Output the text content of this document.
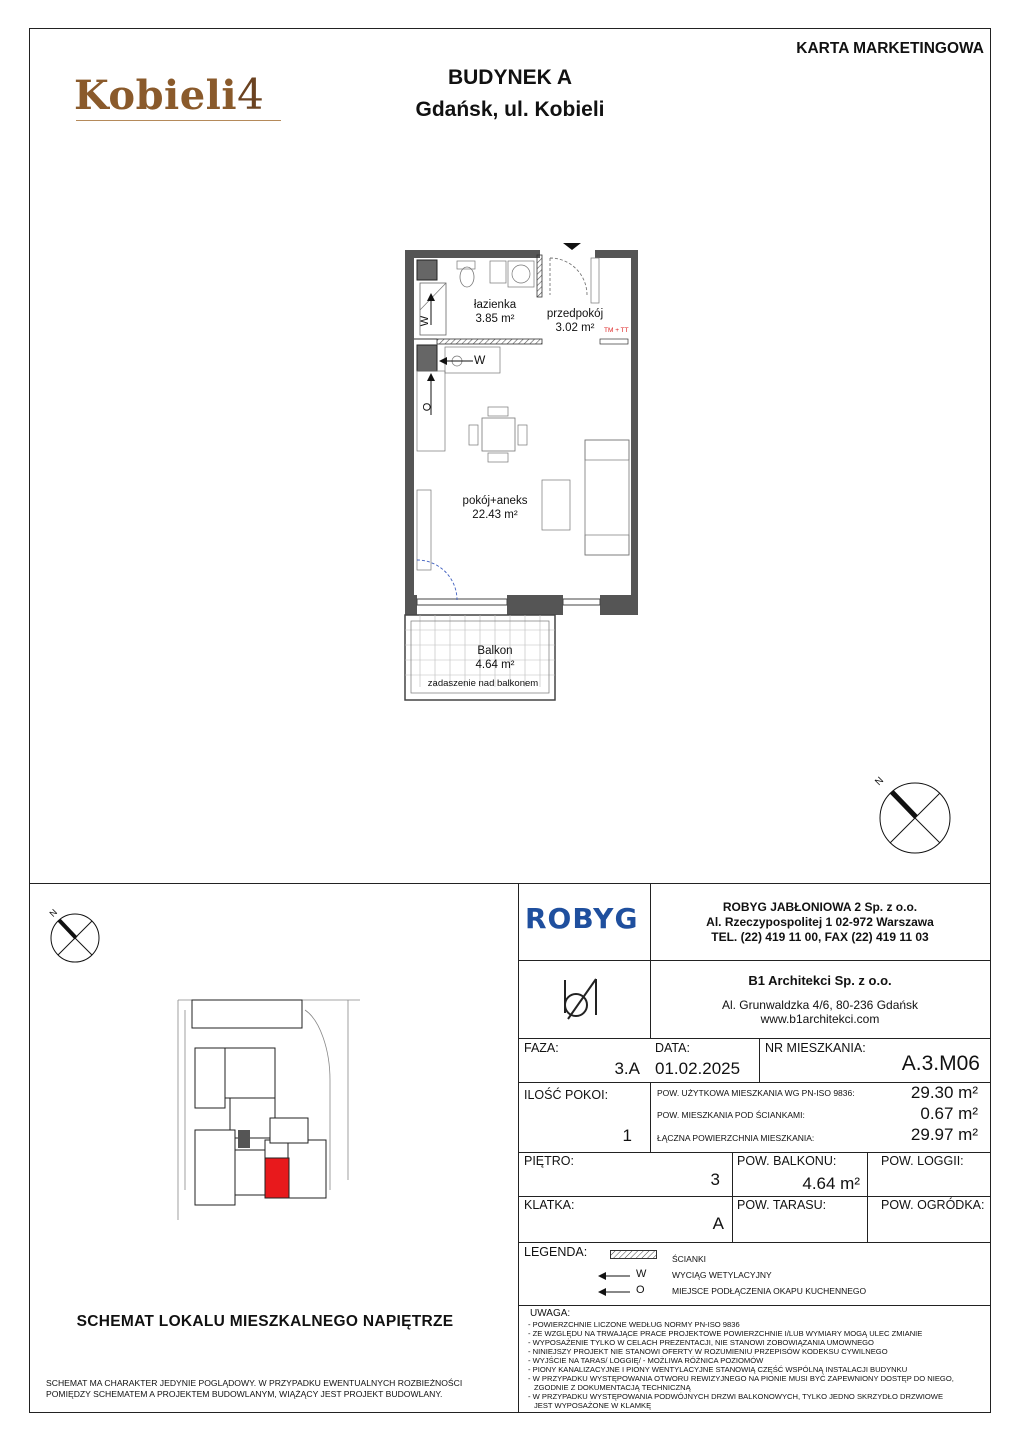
Kobieli4	BUDYNEK A
Gdańsk, ul. Kobieli
KARTA MARKETINGOWA
łazienka
3.85 m²	przedpokój
3.02 m²
pokój+aneks
22.43 m²
Balkon
4.64 m²
zadaszenie nad balkonem
TM + TT
W
W
O
N
ROBYG	ROBYG JABŁONIOWA 2 Sp. z o.o.
Al. Rzeczypospolitej 1 02-972 Warszawa
TEL. (22) 419 11 00, FAX (22) 419 11 03
B1 Architekci Sp. z o.o.
Al. Grunwaldzka 4/6, 80-236 Gdańsk
www.b1architekci.com
FAZA:
3.A
DATA:
01.02.2025
NR MIESZKANIA:
A.3.M06
ILOŚĆ POKOI:
1
POW. UŻYTKOWA MIESZKANIA WG PN-ISO 9836:	29.30 m²
POW. MIESZKANIA POD ŚCIANKAMI:	0.67 m²
ŁĄCZNA POWIERZCHNIA MIESZKANIA:	29.97 m²
PIĘTRO:
3
POW. BALKONU:
4.64 m²
POW. LOGGII:
KLATKA:
A
POW. TARASU:	POW. OGRÓDKA:
LEGENDA:	ŚCIANKI
W	WYCIĄG WETYLACYJNY
O	MIEJSCE PODŁĄCZENIA OKAPU KUCHENNEGO
UWAGA:
- POWIERZCHNIE LICZONE WEDŁUG NORMY PN-ISO 9836
- ZE WZGLĘDU NA TRWAJĄCE PRACE PROJEKTOWE POWIERZCHNIE I/LUB WYMIARY MOGĄ ULEC ZMIANIE
- WYPOSAŻENIE TYLKO W CELACH PREZENTACJI, NIE STANOWI ZOBOWIĄZANIA UMOWNEGO
- NINIEJSZY PROJEKT NIE STANOWI OFERTY W ROZUMIENIU PRZEPISÓW KODEKSU CYWILNEGO
- WYJŚCIE NA TARAS/ LOGGIĘ/ - MOŻLIWA RÓŻNICA POZIOMÓW
- PIONY KANALIZACYJNE I PIONY WENTYLACYJNE STANOWIĄ CZĘŚĆ WSPÓLNĄ INSTALACJI BUDYNKU
- W PRZYPADKU WYSTĘPOWANIA OTWORU REWIZYJNEGO NA PIONIE MUSI BYĆ ZAPEWNIONY DOSTĘP DO NIEGO,
ZGODNIE Z DOKUMENTACJĄ TECHNICZNĄ
- W PRZYPADKU WYSTĘPOWANIA PODWÓJNYCH DRZWI BALKONOWYCH, TYLKO JEDNO SKRZYDŁO DRZWIOWE
JEST WYPOSAŻONE W KLAMKĘ
N
SCHEMAT LOKALU MIESZKALNEGO NAPIĘTRZE
SCHEMAT MA CHARAKTER JEDYNIE POGLĄDOWY. W PRZYPADKU EWENTUALNYCH ROZBIEŻNOŚCI
POMIĘDZY SCHEMATEM A PROJEKTEM BUDOWLANYM, WIĄŻĄCY JEST PROJEKT BUDOWLANY.
